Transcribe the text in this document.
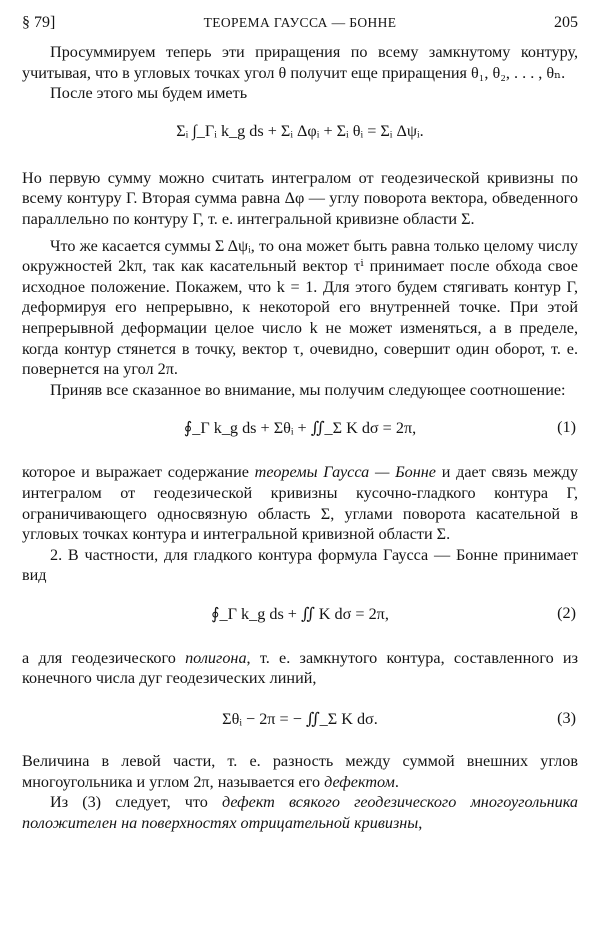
§ 79]	ТЕОРЕМА ГАУССА — БОННЕ	205

Просуммируем теперь эти приращения по всему замкнутому контуру, учитывая, что в угловых точках угол θ получит еще приращения θ₁, θ₂, . . . , θₙ.

После этого мы будем иметь

Σᵢ ∫_Γᵢ k_g ds + Σᵢ Δφᵢ + Σᵢ θᵢ = Σᵢ Δψᵢ.

Но первую сумму можно считать интегралом от геодезической кривизны по всему контуру Γ. Вторая сумма равна Δφ — углу поворота вектора, обведенного параллельно по контуру Γ, т. е. интегральной кривизне области Σ.

Что же касается суммы Σ Δψᵢ, то она может быть равна только целому числу окружностей 2kπ, так как касательный вектор τⁱ принимает после обхода свое исходное положение. Покажем, что k = 1. Для этого будем стягивать контур Γ, деформируя его непрерывно, к некоторой его внутренней точке. При этой непрерывной деформации целое число k не может изменяться, а в пределе, когда контур стянется в точку, вектор τ, очевидно, совершит один оборот, т. е. повернется на угол 2π.

Приняв все сказанное во внимание, мы получим следующее соотношение:

∮_Γ k_g ds + Σθᵢ + ∬_Σ K dσ = 2π,	(1)

которое и выражает содержание теоремы Гаусса — Бонне и дает связь между интегралом от геодезической кривизны кусочно-гладкого контура Γ, ограничивающего односвязную область Σ, углами поворота касательной в угловых точках контура и интегральной кривизной области Σ.

2. В частности, для гладкого контура формула Гаусса — Бонне принимает вид

∮_Γ k_g ds + ∬ K dσ = 2π,	(2)

а для геодезического полигона, т. е. замкнутого контура, составленного из конечного числа дуг геодезических линий,

Σθᵢ − 2π = − ∬_Σ K dσ.	(3)

Величина в левой части, т. е. разность между суммой внешних углов многоугольника и углом 2π, называется его дефектом.

Из (3) следует, что дефект всякого геодезического многоугольника положителен на поверхностях отрицательной кривизны,
